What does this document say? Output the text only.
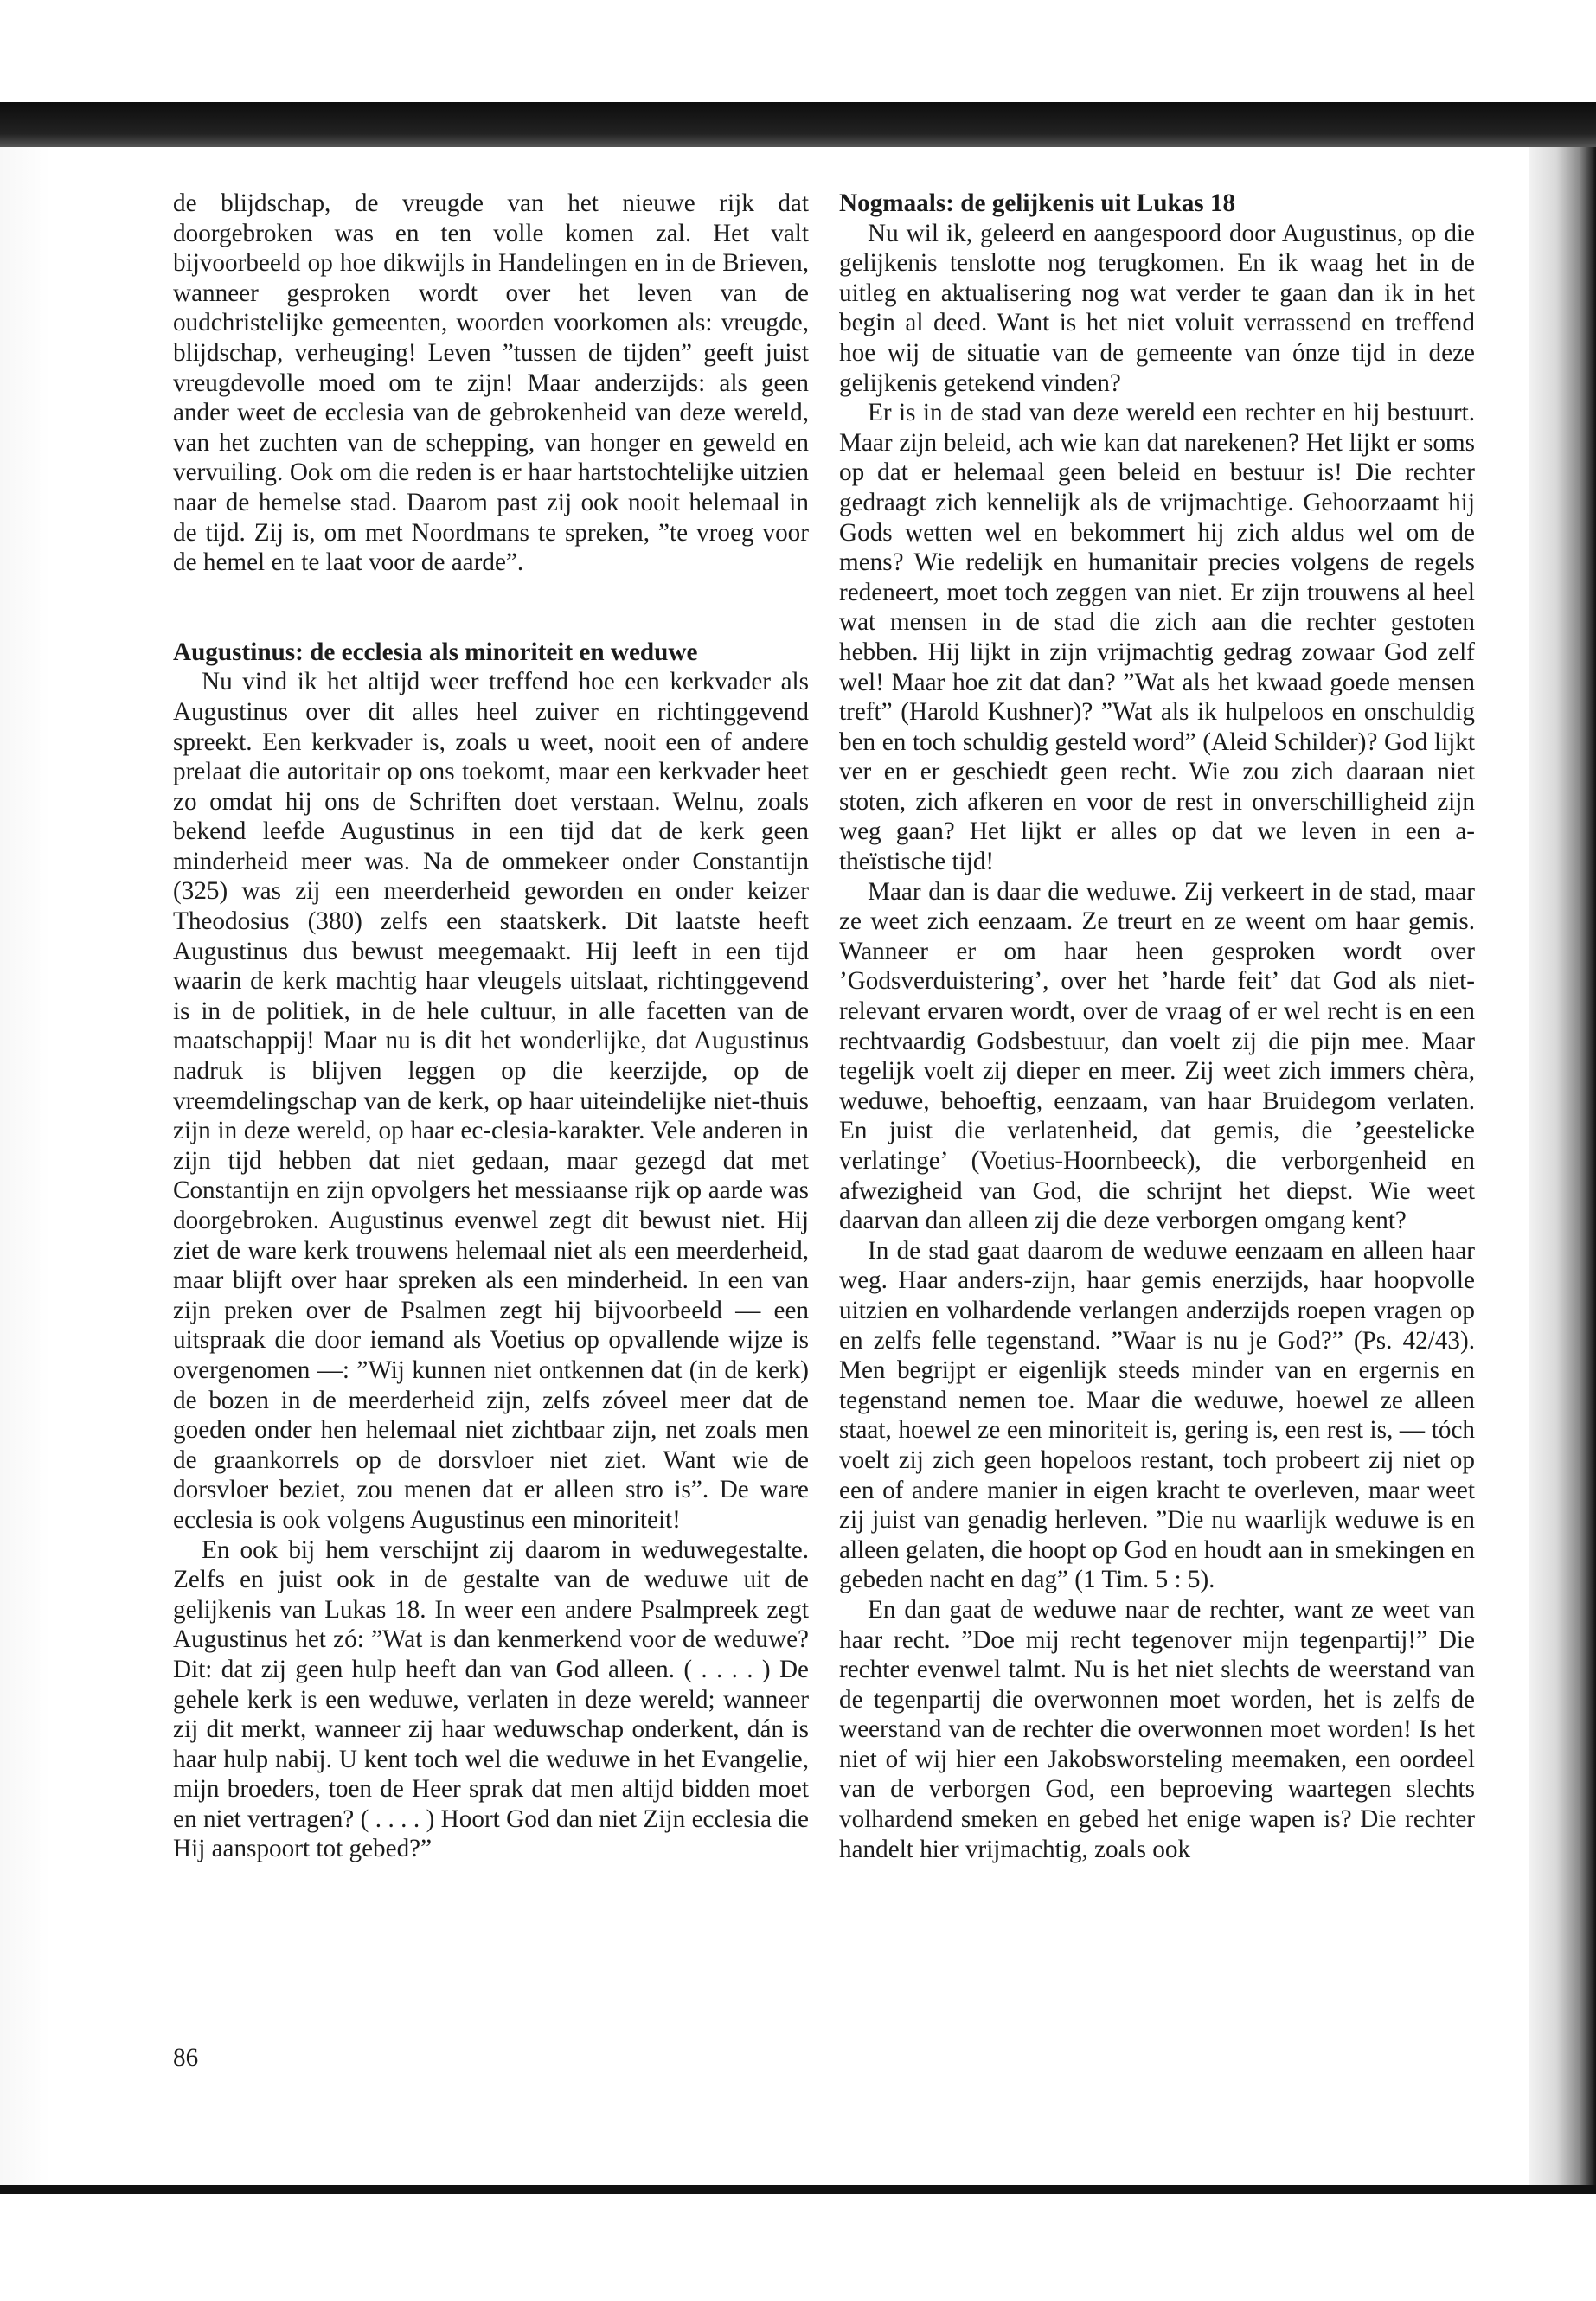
de blijdschap, de vreugde van het nieuwe rijk dat doorgebroken was en ten volle komen zal. Het valt bijvoorbeeld op hoe dikwijls in Handelingen en in de Brieven, wanneer gesproken wordt over het leven van de oudchristelijke gemeenten, woorden voorkomen als: vreugde, blijdschap, verheuging! Leven ”tussen de tijden” geeft juist vreugdevolle moed om te zijn! Maar anderzijds: als geen ander weet de ecclesia van de gebrokenheid van deze wereld, van het zuchten van de schepping, van honger en geweld en vervuiling. Ook om die reden is er haar hartstochtelijke uitzien naar de hemelse stad. Daarom past zij ook nooit helemaal in de tijd. Zij is, om met Noordmans te spreken, ”te vroeg voor de hemel en te laat voor de aarde”.

Augustinus: de ecclesia als minoriteit en weduwe

Nu vind ik het altijd weer treffend hoe een kerkvader als Augustinus over dit alles heel zuiver en richtinggevend spreekt. Een kerkvader is, zoals u weet, nooit een of andere prelaat die autoritair op ons toekomt, maar een kerkvader heet zo omdat hij ons de Schriften doet verstaan. Welnu, zoals bekend leefde Augustinus in een tijd dat de kerk geen minderheid meer was. Na de ommekeer onder Constantijn (325) was zij een meerderheid geworden en onder keizer Theodosius (380) zelfs een staatskerk. Dit laatste heeft Augustinus dus bewust meegemaakt. Hij leeft in een tijd waarin de kerk machtig haar vleugels uitslaat, richtinggevend is in de politiek, in de hele cultuur, in alle facetten van de maatschappij! Maar nu is dit het wonderlijke, dat Augustinus nadruk is blijven leggen op die keerzijde, op de vreemdelingschap van de kerk, op haar uiteindelijke niet-thuis zijn in deze wereld, op haar ec-clesia-karakter. Vele anderen in zijn tijd hebben dat niet gedaan, maar gezegd dat met Constantijn en zijn opvolgers het messiaanse rijk op aarde was doorgebroken. Augustinus evenwel zegt dit bewust niet. Hij ziet de ware kerk trouwens helemaal niet als een meerderheid, maar blijft over haar spreken als een minderheid. In een van zijn preken over de Psalmen zegt hij bijvoorbeeld — een uitspraak die door iemand als Voetius op opvallende wijze is overgenomen —: ”Wij kunnen niet ontkennen dat (in de kerk) de bozen in de meerderheid zijn, zelfs zóveel meer dat de goeden onder hen helemaal niet zichtbaar zijn, net zoals men de graankorrels op de dorsvloer niet ziet. Want wie de dorsvloer beziet, zou menen dat er alleen stro is”. De ware ecclesia is ook volgens Augustinus een minoriteit!

En ook bij hem verschijnt zij daarom in weduwegestalte. Zelfs en juist ook in de gestalte van de weduwe uit de gelijkenis van Lukas 18. In weer een andere Psalmpreek zegt Augustinus het zó: ”Wat is dan kenmerkend voor de weduwe? Dit: dat zij geen hulp heeft dan van God alleen. ( . . . . ) De gehele kerk is een weduwe, verlaten in deze wereld; wanneer zij dit merkt, wanneer zij haar weduwschap onderkent, dán is haar hulp nabij. U kent toch wel die weduwe in het Evangelie, mijn broeders, toen de Heer sprak dat men altijd bidden moet en niet vertragen? ( . . . . ) Hoort God dan niet Zijn ecclesia die Hij aanspoort tot gebed?”

86
Nogmaals: de gelijkenis uit Lukas 18

Nu wil ik, geleerd en aangespoord door Augustinus, op die gelijkenis tenslotte nog terugkomen. En ik waag het in de uitleg en aktualisering nog wat verder te gaan dan ik in het begin al deed. Want is het niet voluit verrassend en treffend hoe wij de situatie van de gemeente van ónze tijd in deze gelijkenis getekend vinden?

Er is in de stad van deze wereld een rechter en hij bestuurt. Maar zijn beleid, ach wie kan dat narekenen? Het lijkt er soms op dat er helemaal geen beleid en bestuur is! Die rechter gedraagt zich kennelijk als de vrijmachtige. Gehoorzaamt hij Gods wetten wel en bekommert hij zich aldus wel om de mens? Wie redelijk en humanitair precies volgens de regels redeneert, moet toch zeggen van niet. Er zijn trouwens al heel wat mensen in de stad die zich aan die rechter gestoten hebben. Hij lijkt in zijn vrijmachtig gedrag zowaar God zelf wel! Maar hoe zit dat dan? ”Wat als het kwaad goede mensen treft” (Harold Kushner)? ”Wat als ik hulpeloos en onschuldig ben en toch schuldig gesteld word” (Aleid Schilder)? God lijkt ver en er geschiedt geen recht. Wie zou zich daaraan niet stoten, zich afkeren en voor de rest in onverschilligheid zijn weg gaan? Het lijkt er alles op dat we leven in een a-theïstische tijd!

Maar dan is daar die weduwe. Zij verkeert in de stad, maar ze weet zich eenzaam. Ze treurt en ze weent om haar gemis. Wanneer er om haar heen gesproken wordt over ’Godsverduistering’, over het ’harde feit’ dat God als niet-relevant ervaren wordt, over de vraag of er wel recht is en een rechtvaardig Godsbestuur, dan voelt zij die pijn mee. Maar tegelijk voelt zij dieper en meer. Zij weet zich immers chèra, weduwe, behoeftig, eenzaam, van haar Bruidegom verlaten. En juist die verlatenheid, dat gemis, die ’geestelicke verlatinge’ (Voetius-Hoornbeeck), die verborgenheid en afwezigheid van God, die schrijnt het diepst. Wie weet daarvan dan alleen zij die deze verborgen omgang kent?

In de stad gaat daarom de weduwe eenzaam en alleen haar weg. Haar anders-zijn, haar gemis enerzijds, haar hoopvolle uitzien en volhardende verlangen anderzijds roepen vragen op en zelfs felle tegenstand. ”Waar is nu je God?” (Ps. 42/43). Men begrijpt er eigenlijk steeds minder van en ergernis en tegenstand nemen toe. Maar die weduwe, hoewel ze alleen staat, hoewel ze een minoriteit is, gering is, een rest is, — tóch voelt zij zich geen hopeloos restant, toch probeert zij niet op een of andere manier in eigen kracht te overleven, maar weet zij juist van genadig herleven. ”Die nu waarlijk weduwe is en alleen gelaten, die hoopt op God en houdt aan in smekingen en gebeden nacht en dag” (1 Tim. 5 : 5).

En dan gaat de weduwe naar de rechter, want ze weet van haar recht. ”Doe mij recht tegenover mijn tegenpartij!” Die rechter evenwel talmt. Nu is het niet slechts de weerstand van de tegenpartij die overwonnen moet worden, het is zelfs de weerstand van de rechter die overwonnen moet worden! Is het niet of wij hier een Jakobsworsteling meemaken, een oordeel van de verborgen God, een beproeving waartegen slechts volhardend smeken en gebed het enige wapen is? Die rechter handelt hier vrijmachtig, zoals ook
